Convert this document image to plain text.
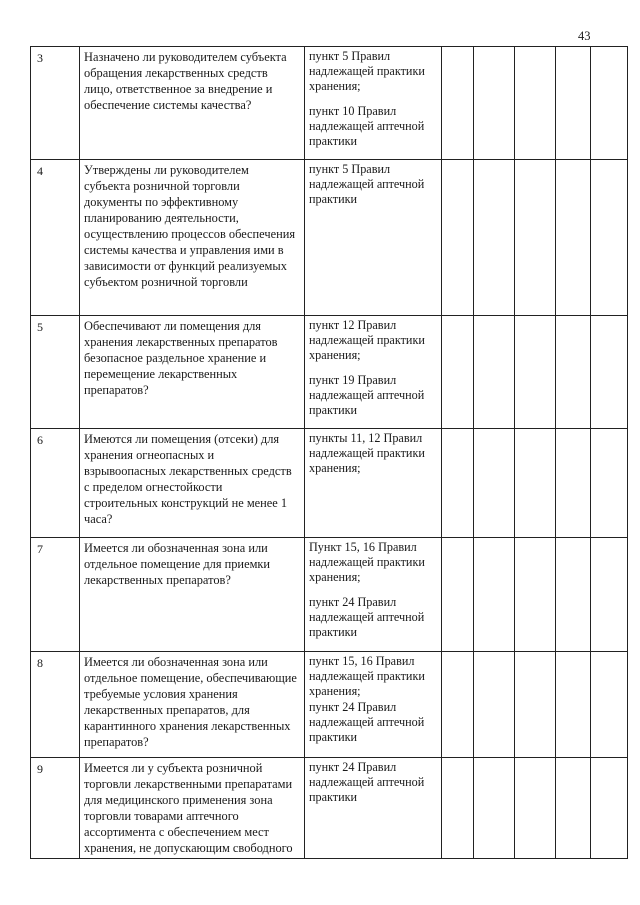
43
3	Назначено ли руководителем субъекта обращения лекарственных средств лицо, ответственное за внедрение и обеспечение системы качества?	пункт 5 Правил надлежащей практики хранения;
пункт 10 Правил надлежащей аптечной практики					

4	Утверждены ли руководителем субъекта розничной торговли документы по эффективному планированию деятельности, осуществлению процессов обеспечения системы качества и управления ими в зависимости от функций реализуемых субъектом розничной торговли	пункт 5 Правил надлежащей аптечной практики					

5	Обеспечивают ли помещения для хранения лекарственных препаратов безопасное раздельное хранение и перемещение лекарственных препаратов?	пункт 12 Правил надлежащей практики хранения;
пункт 19 Правил надлежащей аптечной практики					

6	Имеются ли помещения (отсеки) для хранения огнеопасных и взрывоопасных лекарственных средств с пределом огнестойкости строительных конструкций не менее 1 часа?	пункты 11, 12 Правил надлежащей практики хранения;					

7	Имеется ли обозначенная зона или отдельное помещение для приемки лекарственных препаратов?	Пункт 15, 16 Правил надлежащей практики хранения;
пункт 24 Правил надлежащей аптечной практики					

8	Имеется ли обозначенная зона или отдельное помещение, обеспечивающие требуемые условия хранения лекарственных препаратов, для карантинного хранения лекарственных препаратов?	пункт 15, 16 Правил надлежащей практики хранения;
пункт 24 Правил надлежащей аптечной практики					

9	Имеется ли у субъекта розничной торговли лекарственными препаратами для медицинского применения зона торговли товарами аптечного ассортимента с обеспечением мест хранения, не допускающим свободного	пункт 24 Правил надлежащей аптечной практики					
